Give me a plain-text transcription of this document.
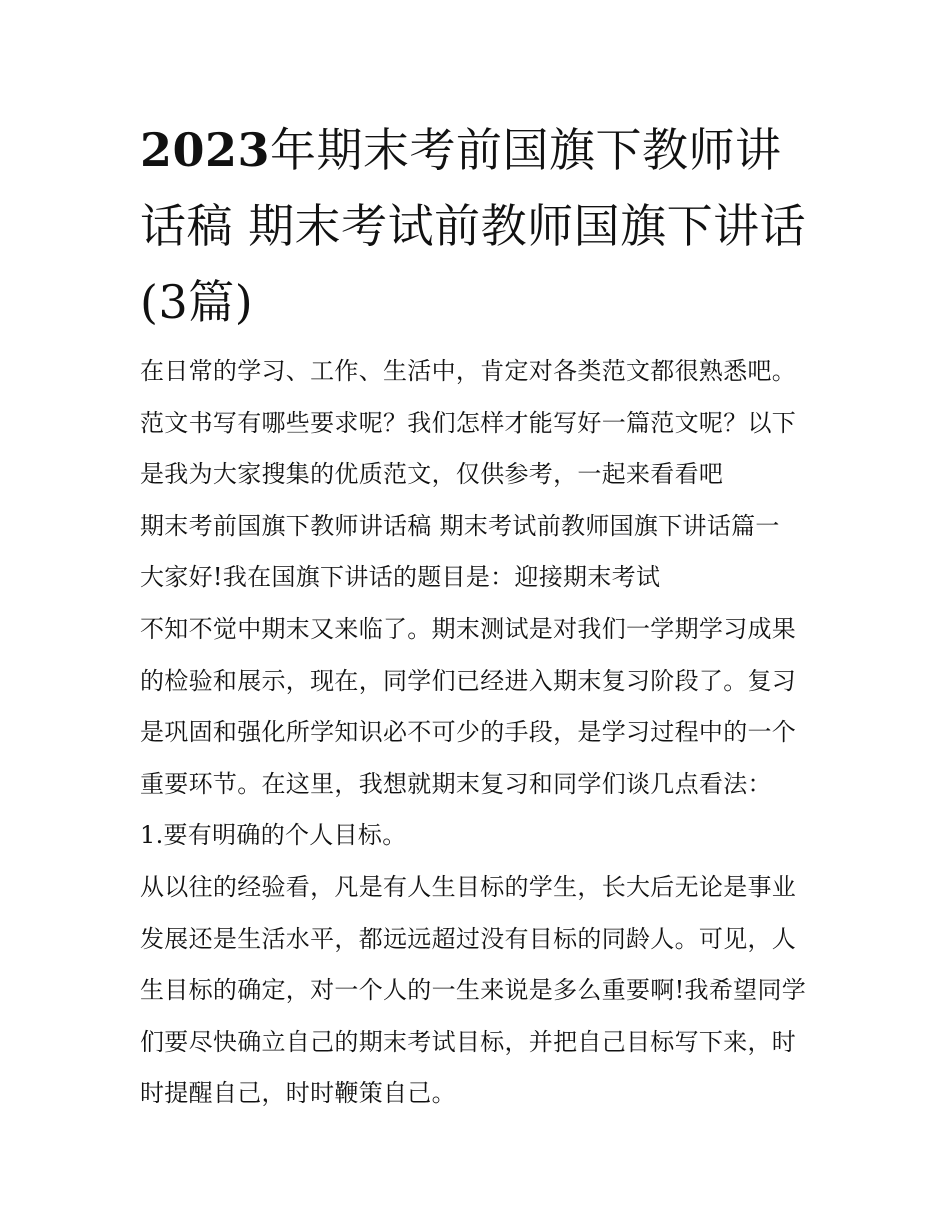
2023年期末考前国旗下教师讲话稿 期末考试前教师国旗下讲话(3篇)

在日常的学习、工作、生活中，肯定对各类范文都很熟悉吧。范文书写有哪些要求呢？我们怎样才能写好一篇范文呢？以下是我为大家搜集的优质范文，仅供参考，一起来看看吧

期末考前国旗下教师讲话稿 期末考试前教师国旗下讲话篇一

大家好!我在国旗下讲话的题目是：迎接期末考试

不知不觉中期末又来临了。期末测试是对我们一学期学习成果的检验和展示，现在，同学们已经进入期末复习阶段了。复习是巩固和强化所学知识必不可少的手段，是学习过程中的一个重要环节。在这里，我想就期末复习和同学们谈几点看法：

1.要有明确的个人目标。

从以往的经验看，凡是有人生目标的学生，长大后无论是事业发展还是生活水平，都远远超过没有目标的同龄人。可见，人生目标的确定，对一个人的一生来说是多么重要啊!我希望同学们要尽快确立自己的期末考试目标，并把自己目标写下来，时时提醒自己，时时鞭策自己。
